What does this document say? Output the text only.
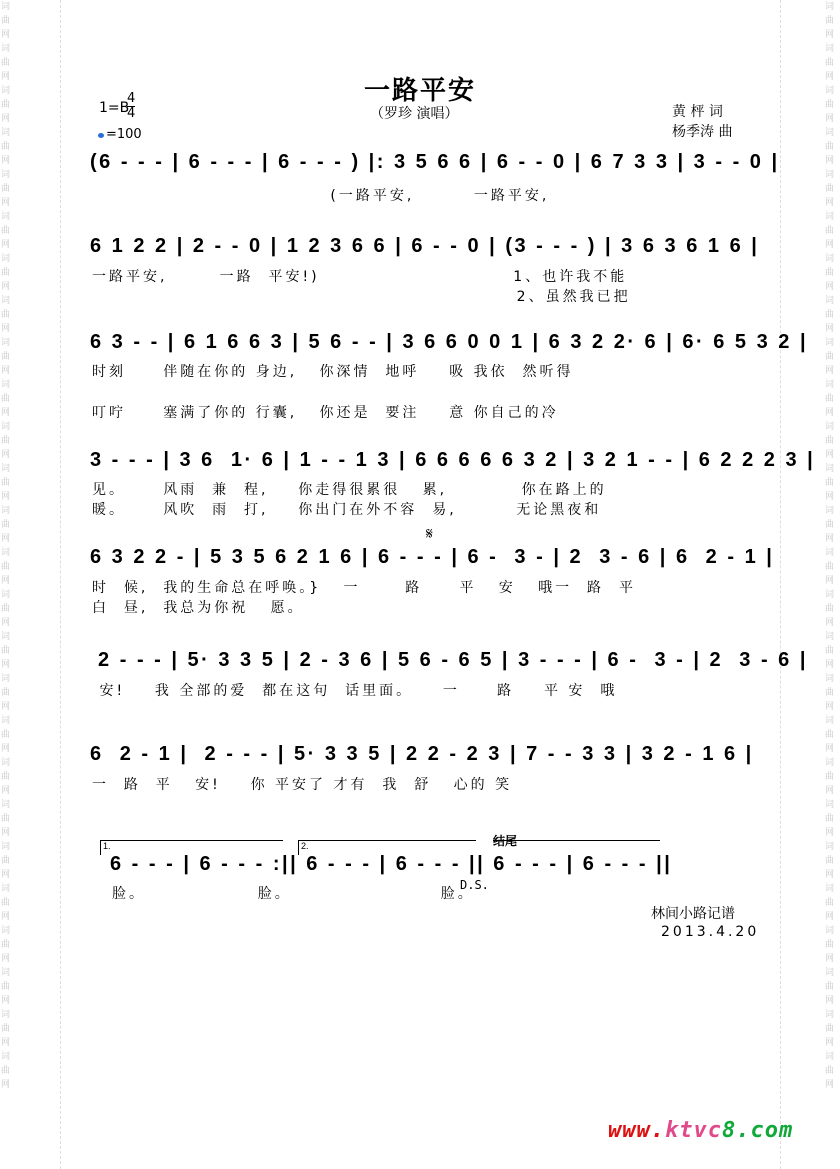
词曲网词曲网词曲网词曲网词曲网词曲网词曲网词曲网词曲网词曲网词曲网词曲网词曲网词曲网词曲网词曲网词曲网词曲网词曲网词曲网词曲网词曲网词曲网词曲网词曲网词曲网
词曲网词曲网词曲网词曲网词曲网词曲网词曲网词曲网词曲网词曲网词曲网词曲网词曲网词曲网词曲网词曲网词曲网词曲网词曲网词曲网词曲网词曲网词曲网词曲网词曲网词曲网
一路平安
（罗珍 演唱）
1=B
4
4
=100
黄 枰 词
杨季涛 曲
(6 - - - | 6 - - - | 6 - - - ) |: 3 5 6 6 | 6 - - 0 | 6 7 3 3 | 3 - - 0 |
(一路平安,        一路平安,
6 1 2 2 | 2 - - 0 | 1 2 3 6 6 | 6 - - 0 | (3 - - - ) | 3 6 3 6 1 6 |
一路平安,       一路  平安!)                          1、也许我不能
2、虽然我已把
6 3 - - | 6 1 6 6 3 | 5 6 - - | 3 6 6 0 0 1 | 6 3 2 2· 6 | 6· 6 5 3 2 |
时刻     伴随在你的 身边,   你深情  地呼    吸 我依  然听得
叮咛     塞满了你的 行囊,   你还是  要注    意 你自己的冷
3 - - - | 3 6  1· 6 | 1 - - 1 3 | 6 6 6 6 6 3 2 | 3 2 1 - - | 6 2 2 2 3 |
见。     风雨  兼  程,    你走得很累很   累,          你在路上的
暖。     风吹  雨  打,    你出门在外不容  易,        无论黑夜和
𝄋
6 3 2 2 - | 5 3 5 6 2 1 6 | 6 - - - | 6 -  3 - | 2  3 - 6 | 6  2 - 1 |
时  候,  我的生命总在呼唤。}   一      路     平   安   哦一  路  平
白  昼,  我总为你祝   愿。
2 - - - | 5· 3 3 5 | 2 - 3 6 | 5 6 - 6 5 | 3 - - - | 6 -  3 - | 2  3 - 6 |
安!    我 全部的爱  都在这句  话里面。    一     路    平 安  哦
6  2 - 1 |  2 - - - | 5· 3 3 5 | 2 2 - 2 3 | 7 - - 3 3 | 3 2 - 1 6 |
一  路  平   安!    你 平安了 才有  我  舒   心的 笑
1.	2.	结尾
6 - - - | 6 - - - :|| 6 - - - | 6 - - - || 6 - - - | 6 - - - ||
脸。               脸。                    脸。
D.S.
林间小路记谱
2013.4.20
www.ktvc8.com
